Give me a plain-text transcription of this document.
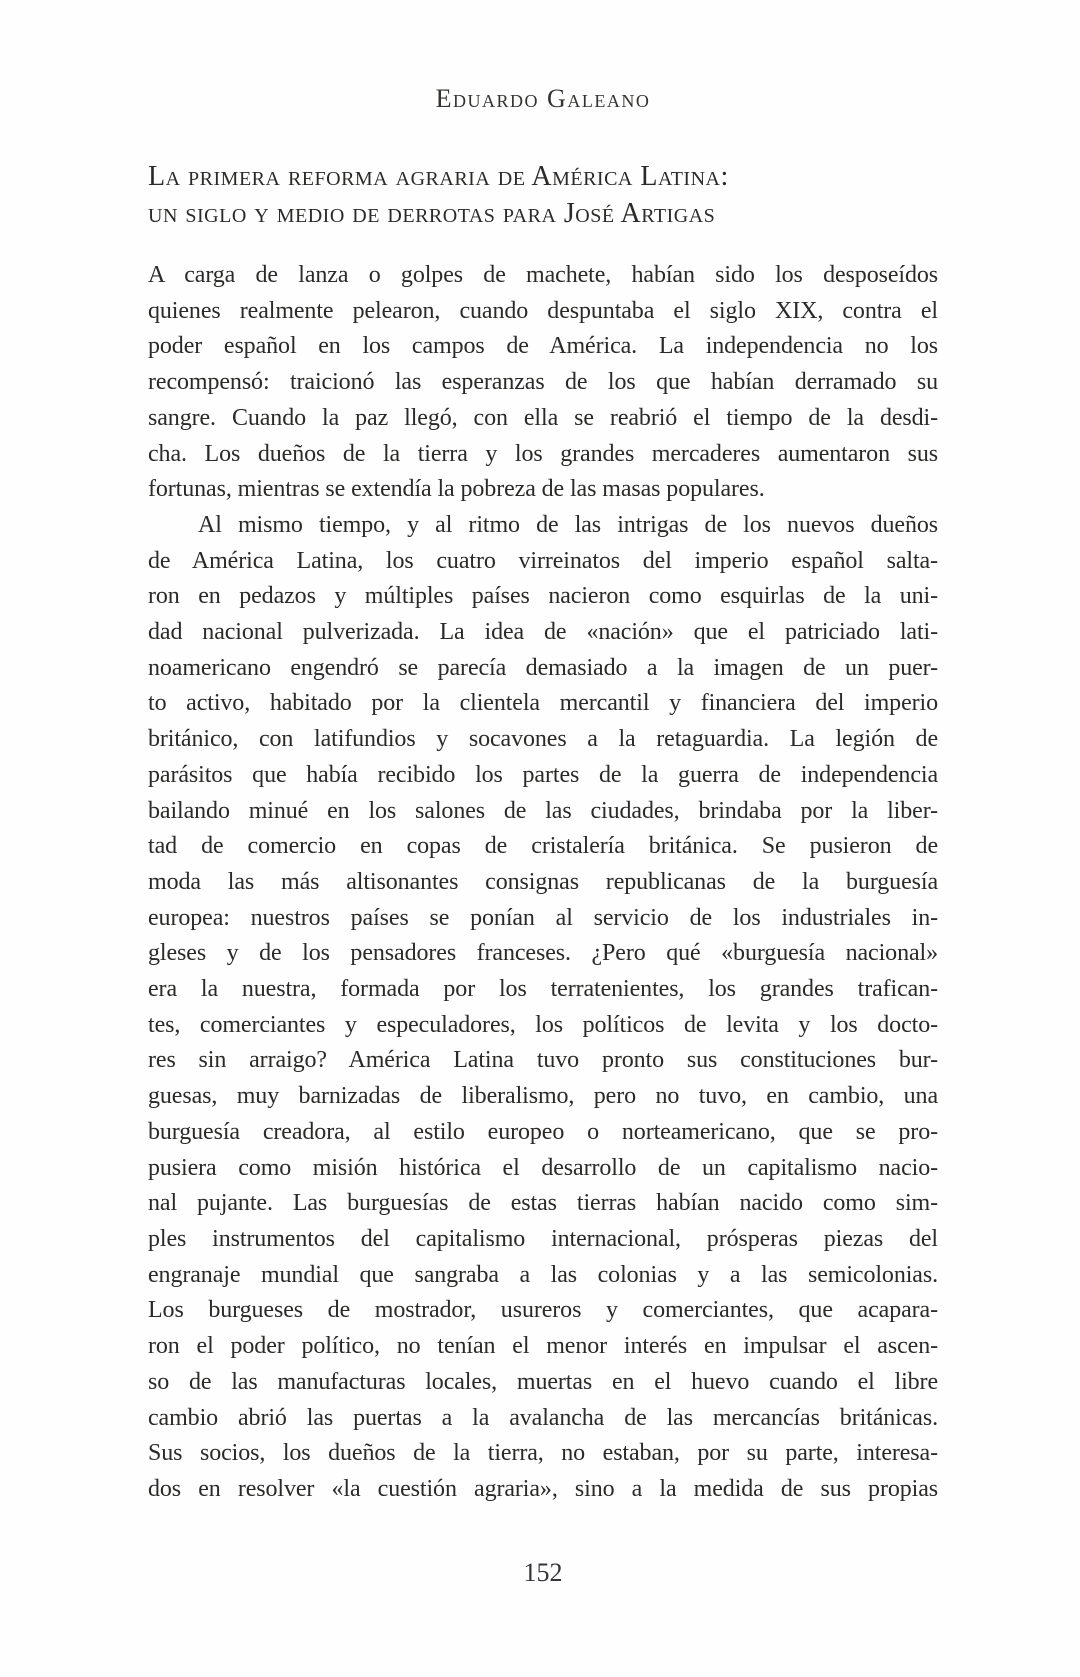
Eduardo Galeano
La primera reforma agraria de América Latina:
un siglo y medio de derrotas para José Artigas
A carga de lanza o golpes de machete, habían sido los desposeídos
quienes realmente pelearon, cuando despuntaba el siglo XIX, contra el
poder español en los campos de América. La independencia no los
recompensó: traicionó las esperanzas de los que habían derramado su
sangre. Cuando la paz llegó, con ella se reabrió el tiempo de la desdi-
cha. Los dueños de la tierra y los grandes mercaderes aumentaron sus
fortunas, mientras se extendía la pobreza de las masas populares.
Al mismo tiempo, y al ritmo de las intrigas de los nuevos dueños
de América Latina, los cuatro virreinatos del imperio español salta-
ron en pedazos y múltiples países nacieron como esquirlas de la uni-
dad nacional pulverizada. La idea de «nación» que el patriciado lati-
noamericano engendró se parecía demasiado a la imagen de un puer-
to activo, habitado por la clientela mercantil y financiera del imperio
británico, con latifundios y socavones a la retaguardia. La legión de
parásitos que había recibido los partes de la guerra de independencia
bailando minué en los salones de las ciudades, brindaba por la liber-
tad de comercio en copas de cristalería británica. Se pusieron de
moda las más altisonantes consignas republicanas de la burguesía
europea: nuestros países se ponían al servicio de los industriales in-
gleses y de los pensadores franceses. ¿Pero qué «burguesía nacional»
era la nuestra, formada por los terratenientes, los grandes trafican-
tes, comerciantes y especuladores, los políticos de levita y los docto-
res sin arraigo? América Latina tuvo pronto sus constituciones bur-
guesas, muy barnizadas de liberalismo, pero no tuvo, en cambio, una
burguesía creadora, al estilo europeo o norteamericano, que se pro-
pusiera como misión histórica el desarrollo de un capitalismo nacio-
nal pujante. Las burguesías de estas tierras habían nacido como sim-
ples instrumentos del capitalismo internacional, prósperas piezas del
engranaje mundial que sangraba a las colonias y a las semicolonias.
Los burgueses de mostrador, usureros y comerciantes, que acapara-
ron el poder político, no tenían el menor interés en impulsar el ascen-
so de las manufacturas locales, muertas en el huevo cuando el libre
cambio abrió las puertas a la avalancha de las mercancías británicas.
Sus socios, los dueños de la tierra, no estaban, por su parte, interesa-
dos en resolver «la cuestión agraria», sino a la medida de sus propias
152
